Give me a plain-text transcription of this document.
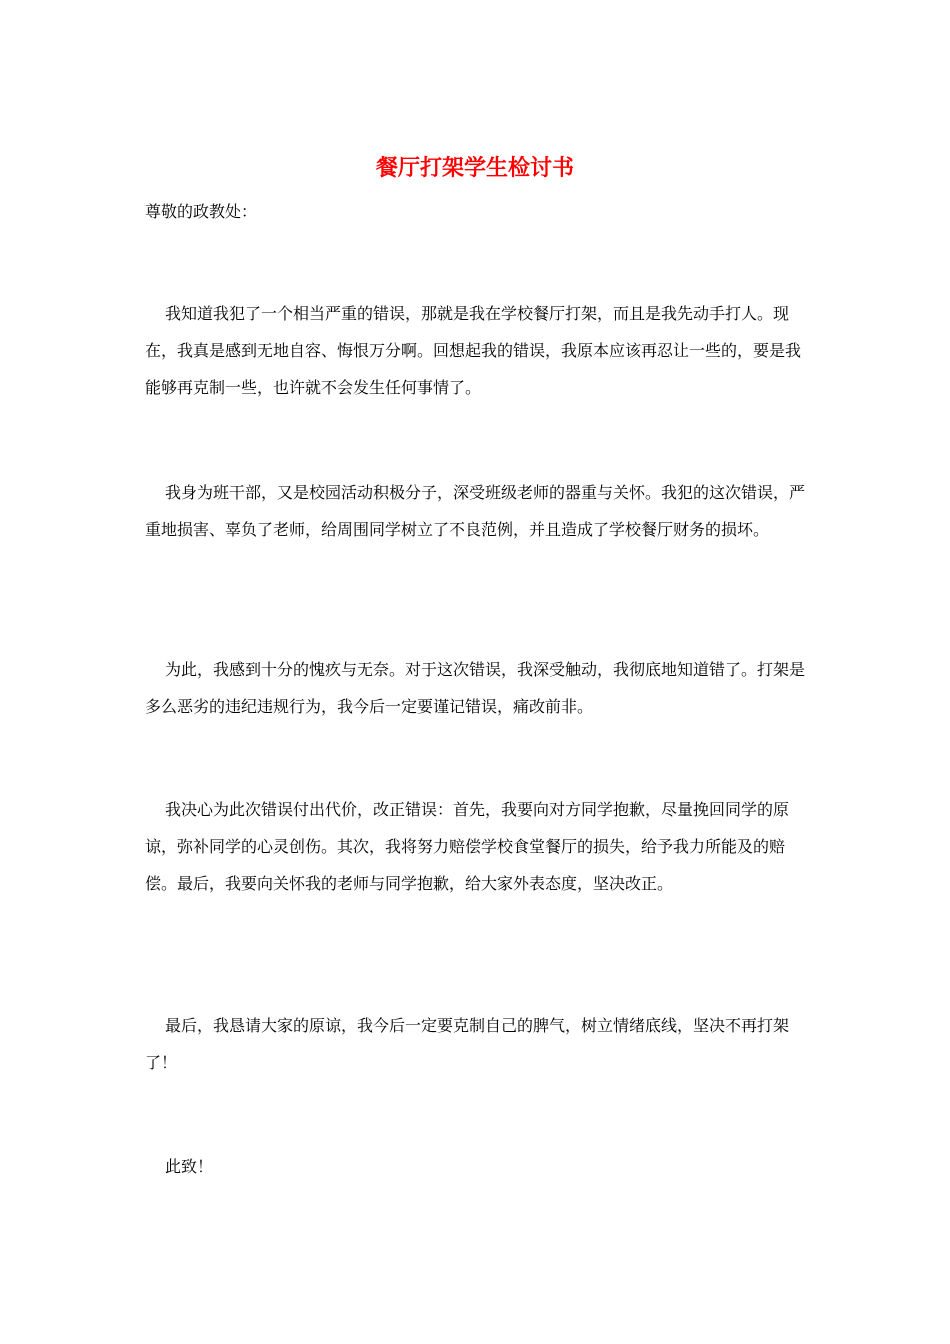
餐厅打架学生检讨书
尊敬的政教处：

我知道我犯了一个相当严重的错误，那就是我在学校餐厅打架，而且是我先动手打人。现在，我真是感到无地自容、悔恨万分啊。回想起我的错误，我原本应该再忍让一些的，要是我能够再克制一些，也许就不会发生任何事情了。

我身为班干部，又是校园活动积极分子，深受班级老师的器重与关怀。我犯的这次错误，严重地损害、辜负了老师，给周围同学树立了不良范例，并且造成了学校餐厅财务的损坏。

为此，我感到十分的愧疚与无奈。对于这次错误，我深受触动，我彻底地知道错了。打架是多么恶劣的违纪违规行为，我今后一定要谨记错误，痛改前非。

我决心为此次错误付出代价，改正错误：首先，我要向对方同学抱歉，尽量挽回同学的原谅，弥补同学的心灵创伤。其次，我将努力赔偿学校食堂餐厅的损失，给予我力所能及的赔偿。最后，我要向关怀我的老师与同学抱歉，给大家外表态度，坚决改正。

最后，我恳请大家的原谅，我今后一定要克制自己的脾气，树立情绪底线，坚决不再打架了！

此致！
